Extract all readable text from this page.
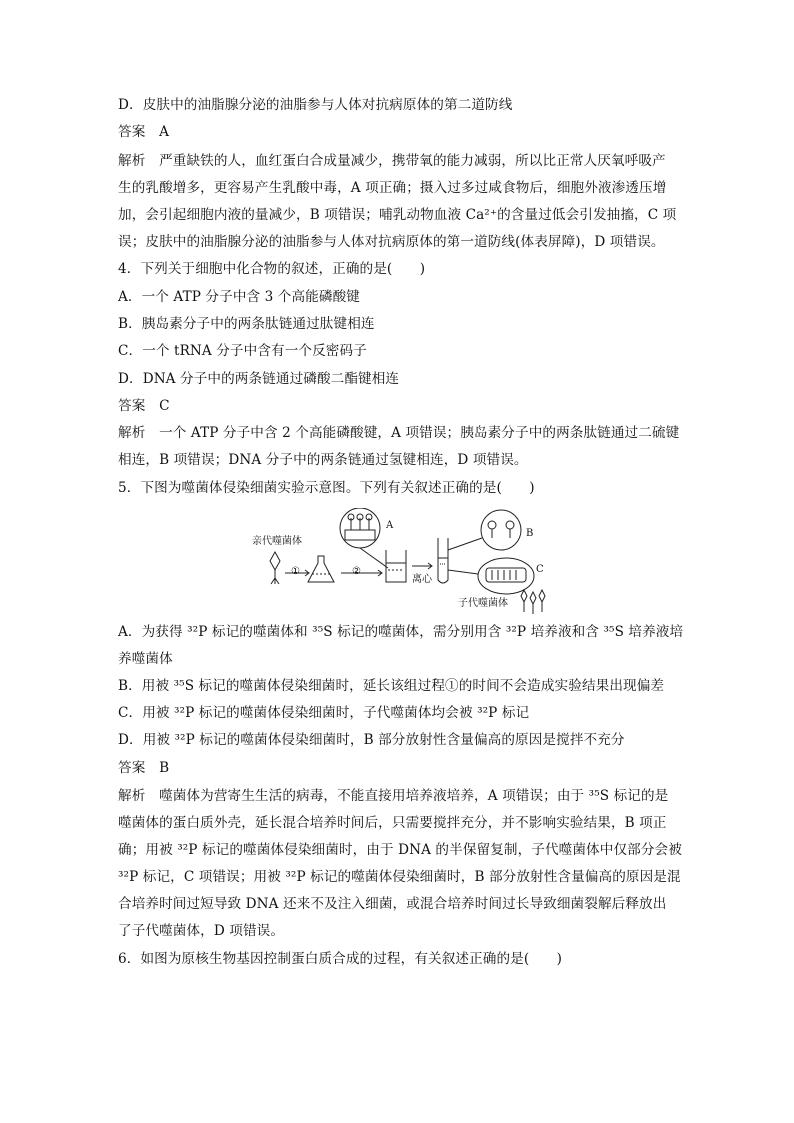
D．皮肤中的油脂腺分泌的油脂参与人体对抗病原体的第二道防线
答案　A
解析　严重缺铁的人，血红蛋白合成量减少，携带氧的能力减弱，所以比正常人厌氧呼吸产
生的乳酸增多，更容易产生乳酸中毒，A 项正确；摄入过多过咸食物后，细胞外液渗透压增
加，会引起细胞内液的量减少，B 项错误；哺乳动物血液 Ca²⁺的含量过低会引发抽搐，C 项
误；皮肤中的油脂腺分泌的油脂参与人体对抗病原体的第一道防线(体表屏障)，D 项错误。
4．下列关于细胞中化合物的叙述，正确的是(　　)
A．一个 ATP 分子中含 3 个高能磷酸键
B．胰岛素分子中的两条肽链通过肽键相连
C．一个 tRNA 分子中含有一个反密码子
D．DNA 分子中的两条链通过磷酸二酯键相连
答案　C
解析　一个 ATP 分子中含 2 个高能磷酸键，A 项错误；胰岛素分子中的两条肽链通过二硫键
相连，B 项错误；DNA 分子中的两条链通过氢键相连，D 项错误。
5．下图为噬菌体侵染细菌实验示意图。下列有关叙述正确的是(　　)
亲代噬菌体
①	②
离心
A
B
C
子代噬菌体
A．为获得 ³²P 标记的噬菌体和 ³⁵S 标记的噬菌体，需分别用含 ³²P 培养液和含 ³⁵S 培养液培
养噬菌体
B．用被 ³⁵S 标记的噬菌体侵染细菌时，延长该组过程①的时间不会造成实验结果出现偏差
C．用被 ³²P 标记的噬菌体侵染细菌时，子代噬菌体均会被 ³²P 标记
D．用被 ³²P 标记的噬菌体侵染细菌时，B 部分放射性含量偏高的原因是搅拌不充分
答案　B
解析　噬菌体为营寄生生活的病毒，不能直接用培养液培养，A 项错误；由于 ³⁵S 标记的是
噬菌体的蛋白质外壳，延长混合培养时间后，只需要搅拌充分，并不影响实验结果，B 项正
确；用被 ³²P 标记的噬菌体侵染细菌时，由于 DNA 的半保留复制，子代噬菌体中仅部分会被
³²P 标记，C 项错误；用被 ³²P 标记的噬菌体侵染细菌时，B 部分放射性含量偏高的原因是混
合培养时间过短导致 DNA 还来不及注入细菌，或混合培养时间过长导致细菌裂解后释放出
了子代噬菌体，D 项错误。
6．如图为原核生物基因控制蛋白质合成的过程，有关叙述正确的是(　　)
